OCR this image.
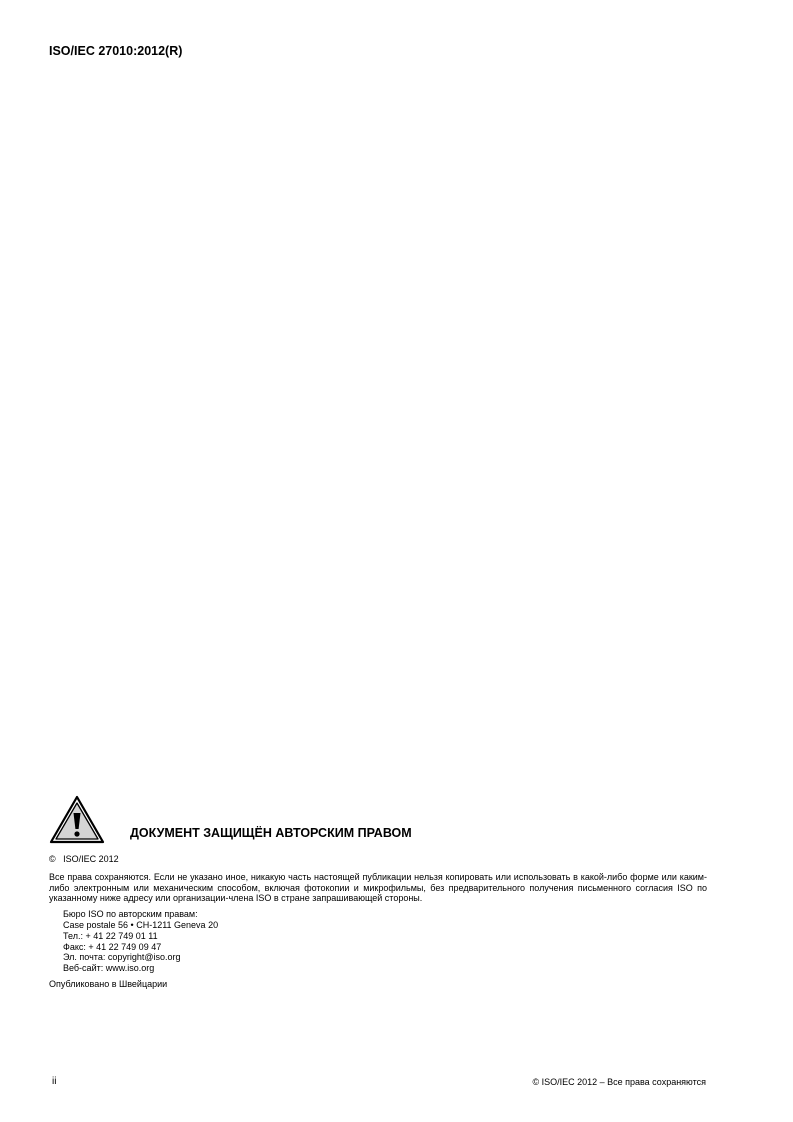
ISO/IEC 27010:2012(R)
ДОКУМЕНТ ЗАЩИЩЁН АВТОРСКИМ ПРАВОМ
© ISO/IEC 2012
Все права сохраняются. Если не указано иное, никакую часть настоящей публикации нельзя копировать или использовать в какой-либо форме или каким-либо электронным или механическим способом, включая фотокопии и микрофильмы, без предварительного получения письменного согласия ISO по указанному ниже адресу или организации-члена ISO в стране запрашивающей стороны.
Бюро ISO по авторским правам:
Case postale 56 • CH-1211 Geneva 20
Тел.: + 41 22 749 01 11
Факс: + 41 22 749 09 47
Эл. почта: copyright@iso.org
Веб-сайт: www.iso.org
Опубликовано в Швейцарии
ii	© ISO/IEC 2012 – Все права сохраняются
